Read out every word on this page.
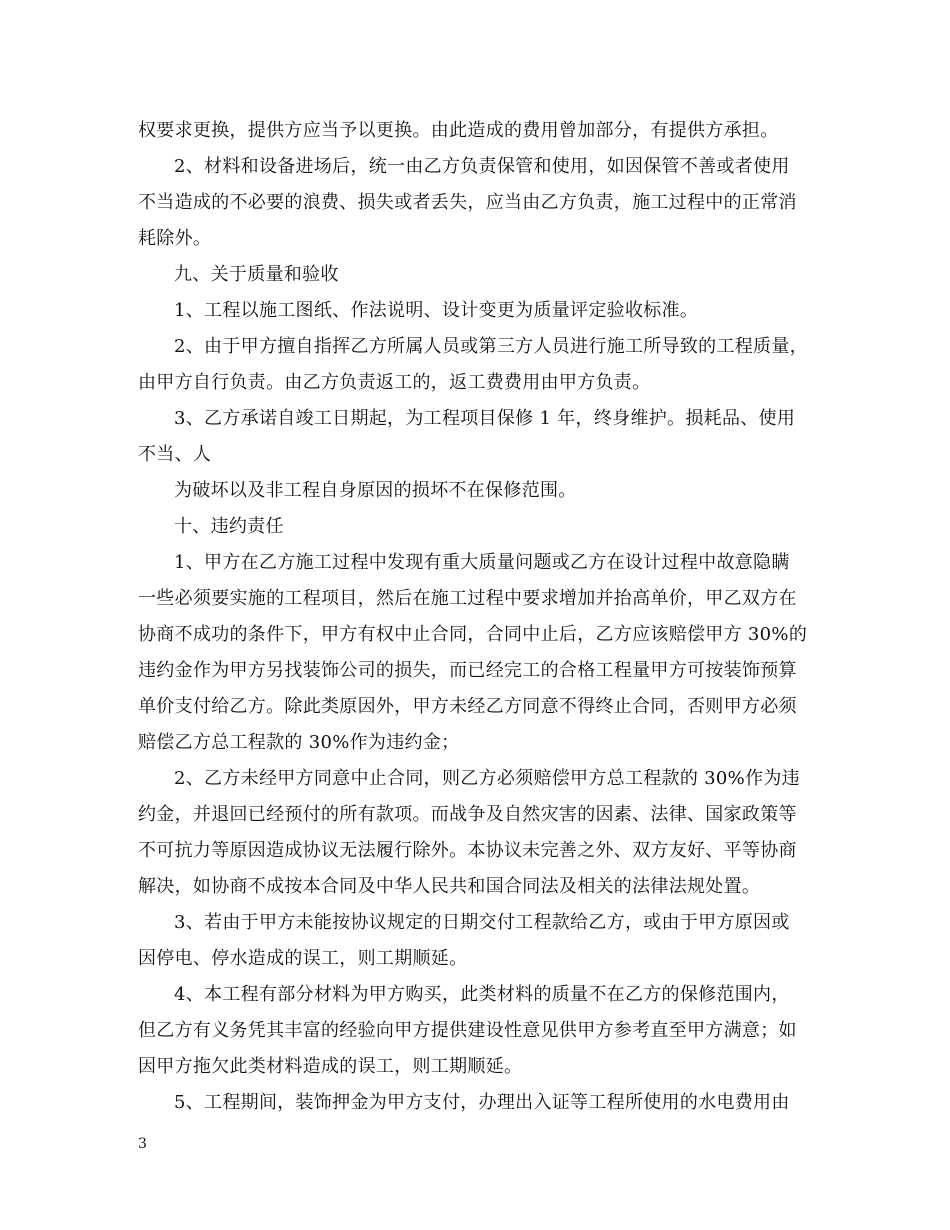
权要求更换，提供方应当予以更换。由此造成的费用曾加部分，有提供方承担。
2、材料和设备进场后，统一由乙方负责保管和使用，如因保管不善或者使用
不当造成的不必要的浪费、损失或者丢失，应当由乙方负责，施工过程中的正常消
耗除外。
九、关于质量和验收
1、工程以施工图纸、作法说明、设计变更为质量评定验收标准。
2、由于甲方擅自指挥乙方所属人员或第三方人员进行施工所导致的工程质量，
由甲方自行负责。由乙方负责返工的，返工费费用由甲方负责。
3、乙方承诺自竣工日期起，为工程项目保修 1 年，终身维护。损耗品、使用
不当、人
为破坏以及非工程自身原因的损坏不在保修范围。
十、违约责任
1、甲方在乙方施工过程中发现有重大质量问题或乙方在设计过程中故意隐瞒
一些必须要实施的工程项目，然后在施工过程中要求增加并抬高单价，甲乙双方在
协商不成功的条件下，甲方有权中止合同，合同中止后，乙方应该赔偿甲方 30%的
违约金作为甲方另找装饰公司的损失，而已经完工的合格工程量甲方可按装饰预算
单价支付给乙方。除此类原因外，甲方未经乙方同意不得终止合同，否则甲方必须
赔偿乙方总工程款的 30%作为违约金；
2、乙方未经甲方同意中止合同，则乙方必须赔偿甲方总工程款的 30%作为违
约金，并退回已经预付的所有款项。而战争及自然灾害的因素、法律、国家政策等
不可抗力等原因造成协议无法履行除外。本协议未完善之外、双方友好、平等协商
解决，如协商不成按本合同及中华人民共和国合同法及相关的法律法规处置。
3、若由于甲方未能按协议规定的日期交付工程款给乙方，或由于甲方原因或
因停电、停水造成的误工，则工期顺延。
4、本工程有部分材料为甲方购买，此类材料的质量不在乙方的保修范围内，
但乙方有义务凭其丰富的经验向甲方提供建设性意见供甲方参考直至甲方满意；如
因甲方拖欠此类材料造成的误工，则工期顺延。
5、工程期间，装饰押金为甲方支付，办理出入证等工程所使用的水电费用由
3
